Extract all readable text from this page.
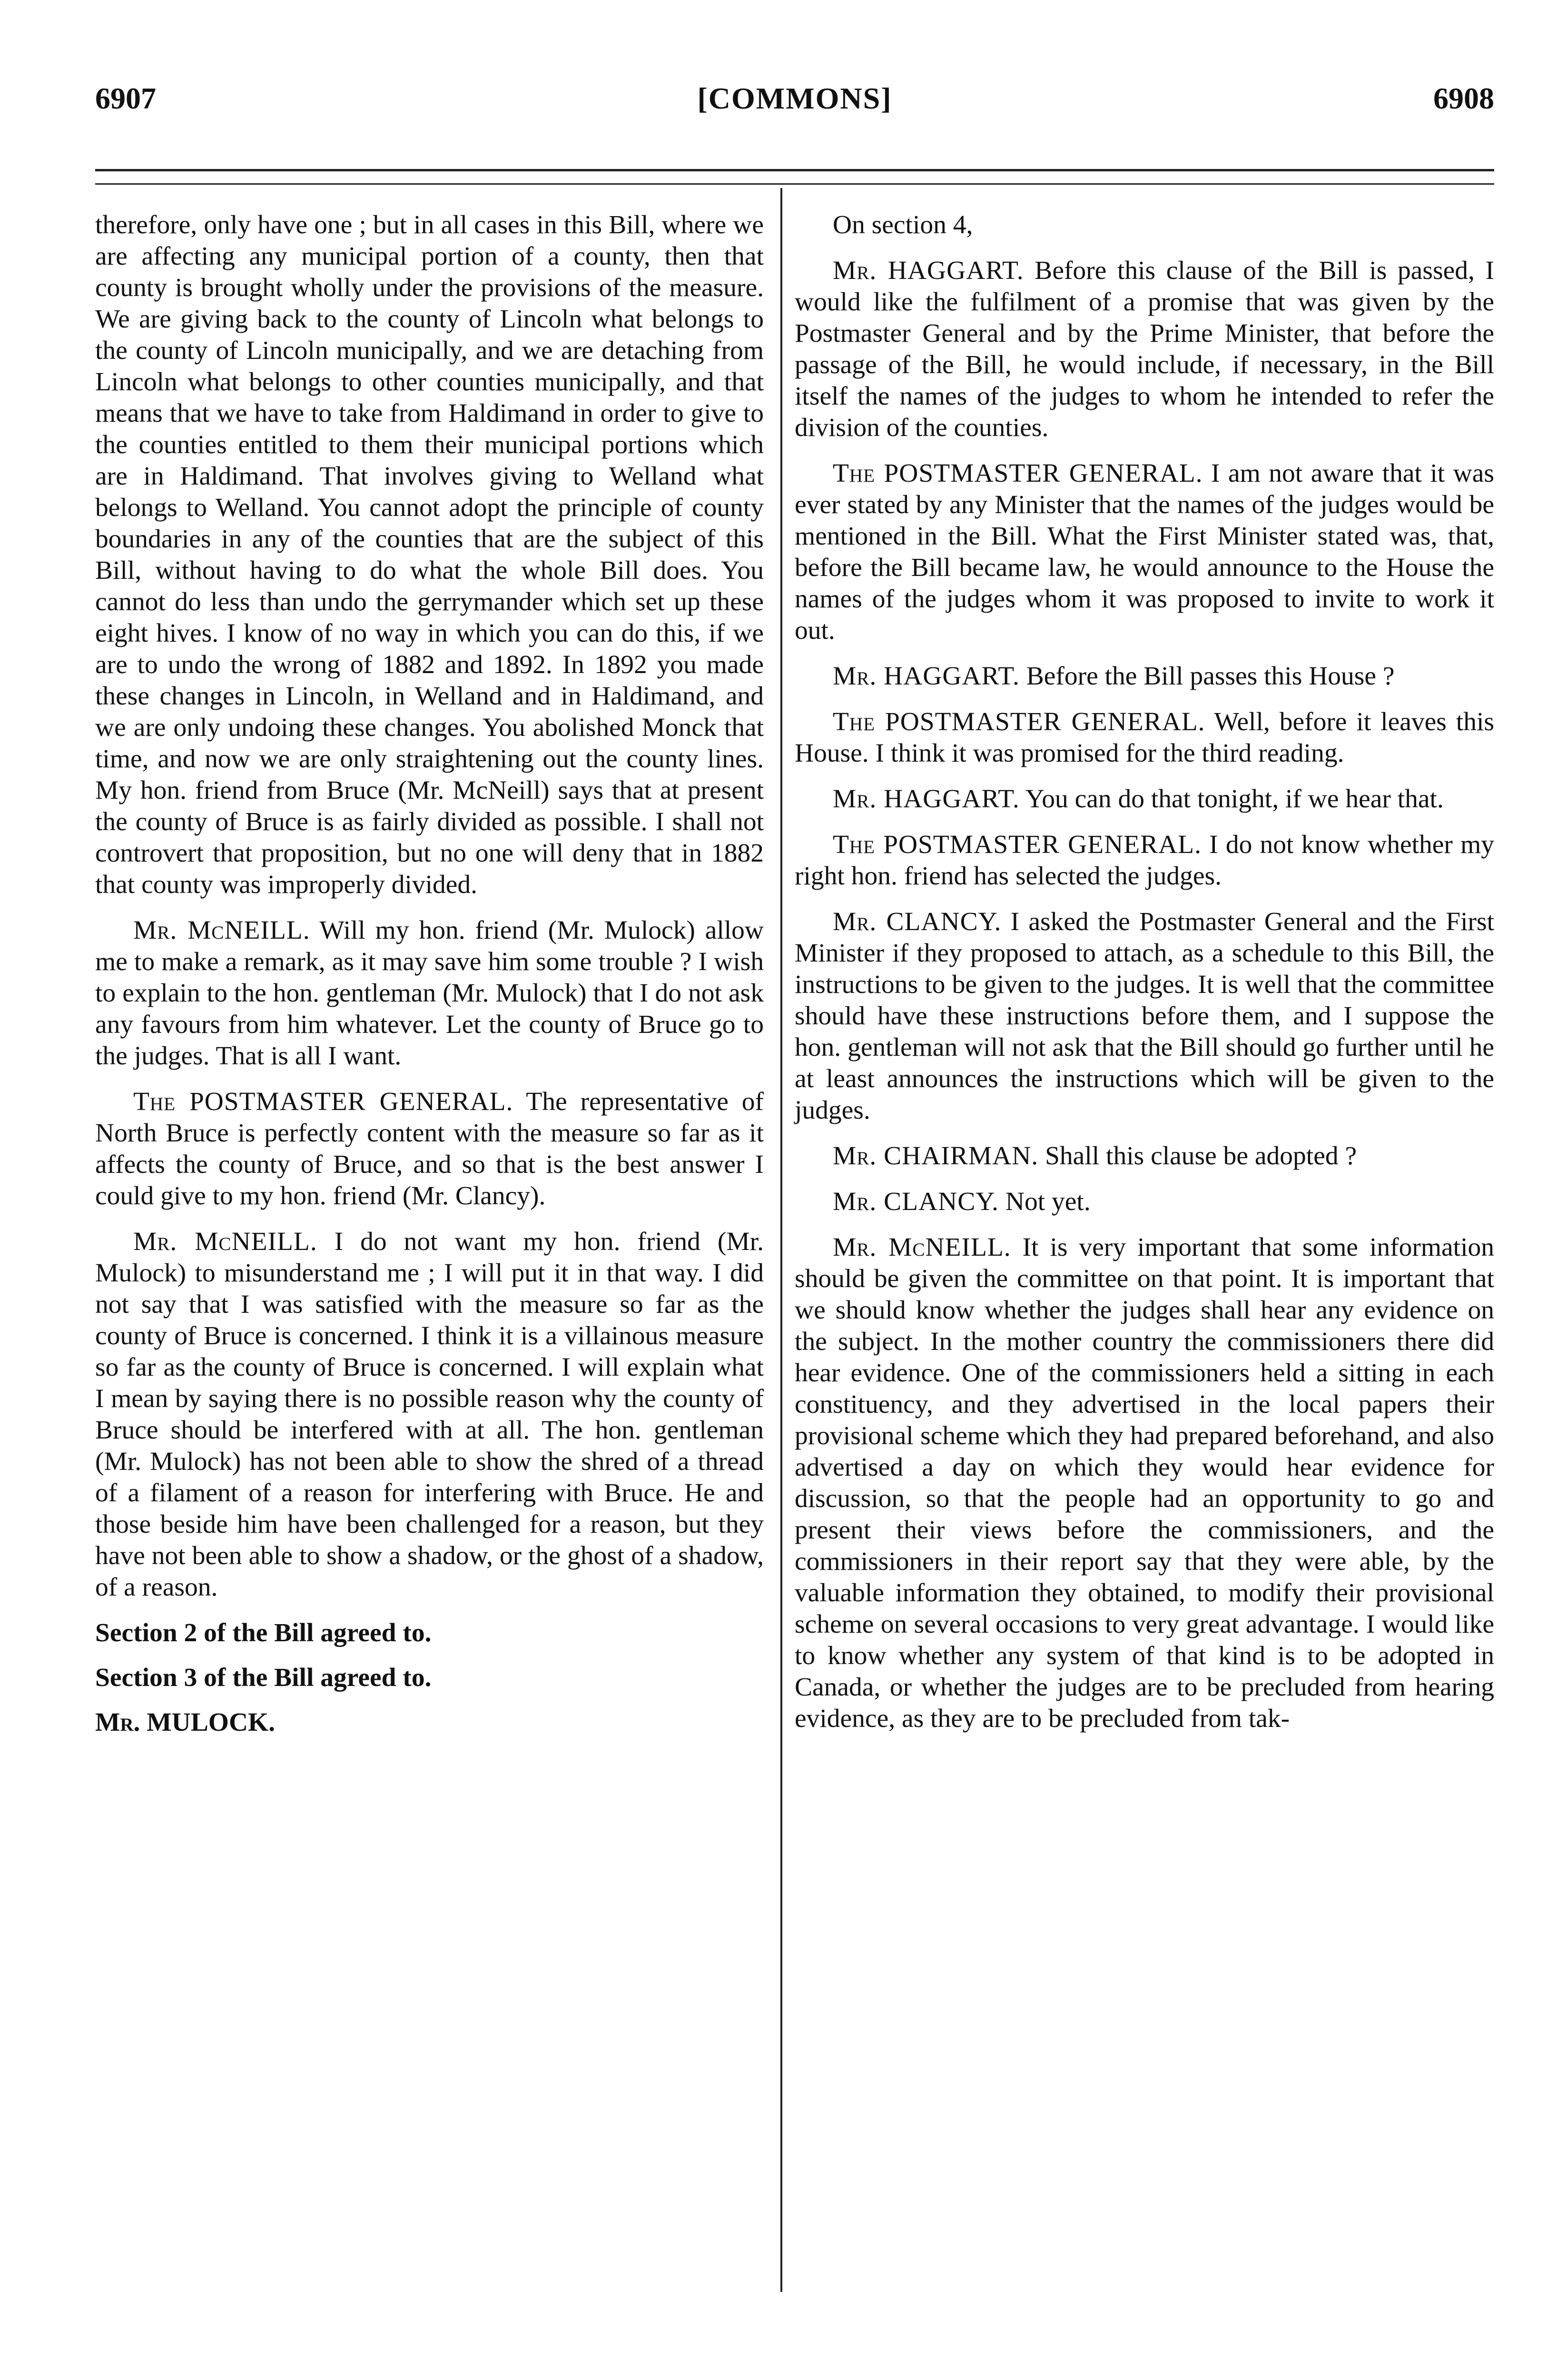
6907	[COMMONS]	6908

therefore, only have one ; but in all cases in this Bill, where we are affecting any municipal portion of a county, then that county is brought wholly under the provisions of the measure. We are giving back to the county of Lincoln what belongs to the county of Lincoln municipally, and we are detaching from Lincoln what belongs to other counties municipally, and that means that we have to take from Haldimand in order to give to the counties entitled to them their municipal portions which are in Haldimand. That involves giving to Welland what belongs to Welland. You cannot adopt the principle of county boundaries in any of the counties that are the subject of this Bill, without having to do what the whole Bill does. You cannot do less than undo the gerrymander which set up these eight hives. I know of no way in which you can do this, if we are to undo the wrong of 1882 and 1892. In 1892 you made these changes in Lincoln, in Welland and in Haldimand, and we are only undoing these changes. You abolished Monck that time, and now we are only straightening out the county lines. My hon. friend from Bruce (Mr. McNeill) says that at present the county of Bruce is as fairly divided as possible. I shall not controvert that proposition, but no one will deny that in 1882 that county was improperly divided.

Mr. McNEILL. Will my hon. friend (Mr. Mulock) allow me to make a remark, as it may save him some trouble ? I wish to explain to the hon. gentleman (Mr. Mulock) that I do not ask any favours from him whatever. Let the county of Bruce go to the judges. That is all I want.

The POSTMASTER GENERAL. The representative of North Bruce is perfectly content with the measure so far as it affects the county of Bruce, and so that is the best answer I could give to my hon. friend (Mr. Clancy).

Mr. McNEILL. I do not want my hon. friend (Mr. Mulock) to misunderstand me ; I will put it in that way. I did not say that I was satisfied with the measure so far as the county of Bruce is concerned. I think it is a villainous measure so far as the county of Bruce is concerned. I will explain what I mean by saying there is no possible reason why the county of Bruce should be interfered with at all. The hon. gentleman (Mr. Mulock) has not been able to show the shred of a thread of a filament of a reason for interfering with Bruce. He and those beside him have been challenged for a reason, but they have not been able to show a shadow, or the ghost of a shadow, of a reason.

Section 2 of the Bill agreed to.

Section 3 of the Bill agreed to.

Mr. MULOCK.

On section 4,

Mr. HAGGART. Before this clause of the Bill is passed, I would like the fulfilment of a promise that was given by the Postmaster General and by the Prime Minister, that before the passage of the Bill, he would include, if necessary, in the Bill itself the names of the judges to whom he intended to refer the division of the counties.

The POSTMASTER GENERAL. I am not aware that it was ever stated by any Minister that the names of the judges would be mentioned in the Bill. What the First Minister stated was, that, before the Bill became law, he would announce to the House the names of the judges whom it was proposed to invite to work it out.

Mr. HAGGART. Before the Bill passes this House ?

The POSTMASTER GENERAL. Well, before it leaves this House. I think it was promised for the third reading.

Mr. HAGGART. You can do that tonight, if we hear that.

The POSTMASTER GENERAL. I do not know whether my right hon. friend has selected the judges.

Mr. CLANCY. I asked the Postmaster General and the First Minister if they proposed to attach, as a schedule to this Bill, the instructions to be given to the judges. It is well that the committee should have these instructions before them, and I suppose the hon. gentleman will not ask that the Bill should go further until he at least announces the instructions which will be given to the judges.

Mr. CHAIRMAN. Shall this clause be adopted ?

Mr. CLANCY. Not yet.

Mr. McNEILL. It is very important that some information should be given the committee on that point. It is important that we should know whether the judges shall hear any evidence on the subject. In the mother country the commissioners there did hear evidence. One of the commissioners held a sitting in each constituency, and they advertised in the local papers their provisional scheme which they had prepared beforehand, and also advertised a day on which they would hear evidence for discussion, so that the people had an opportunity to go and present their views before the commissioners, and the commissioners in their report say that they were able, by the valuable information they obtained, to modify their provisional scheme on several occasions to very great advantage. I would like to know whether any system of that kind is to be adopted in Canada, or whether the judges are to be precluded from hearing evidence, as they are to be precluded from tak-
